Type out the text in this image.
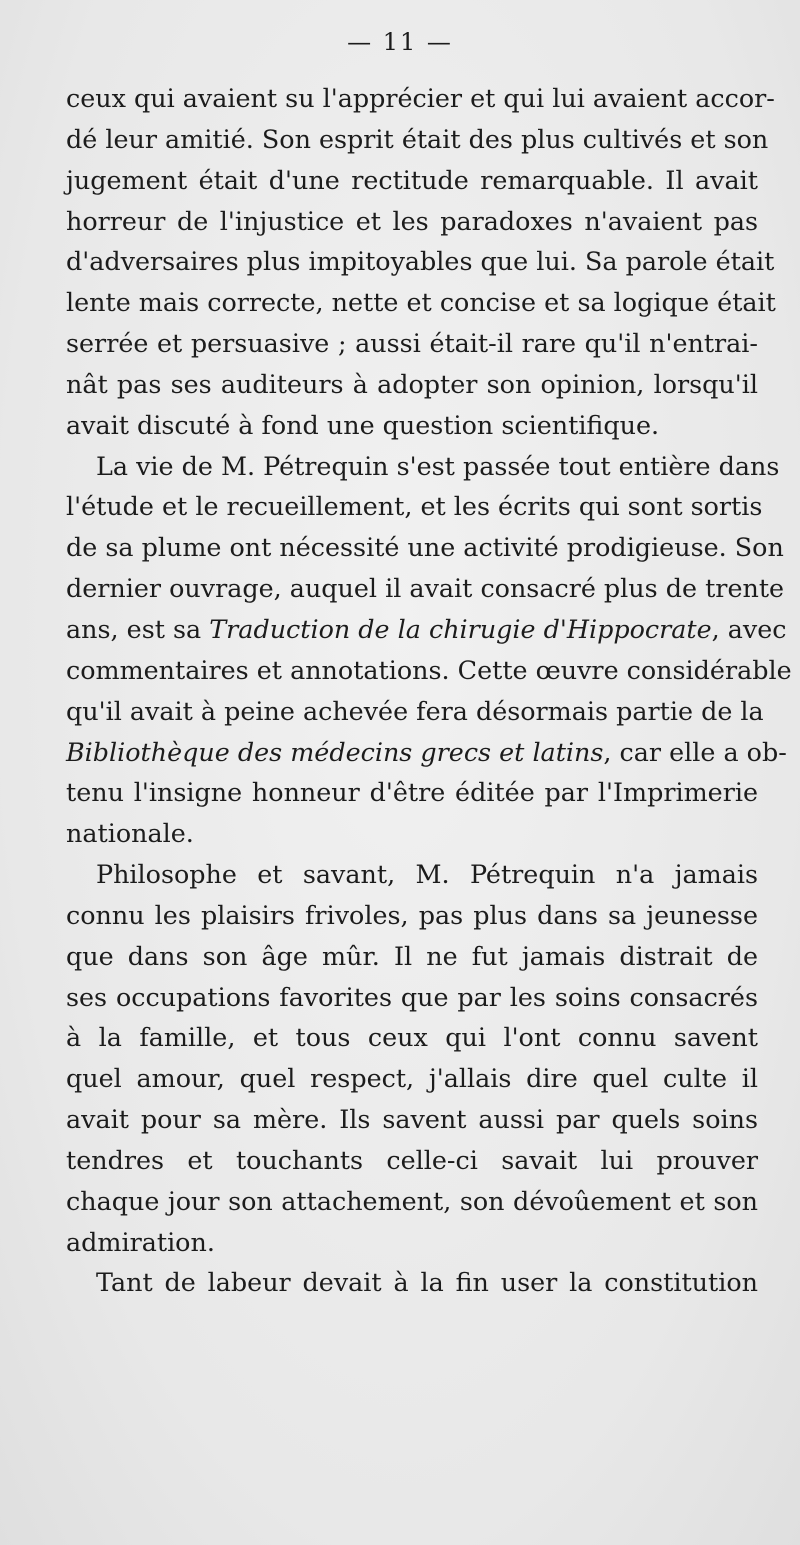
— 11 —
ceux qui avaient su l'apprécier et qui lui avaient accor-
dé leur amitié. Son esprit était des plus cultivés et son
jugement était d'une rectitude remarquable. Il avait
horreur de l'injustice et les paradoxes n'avaient pas
d'adversaires plus impitoyables que lui. Sa parole était
lente mais correcte, nette et concise et sa logique était
serrée et persuasive ; aussi était-il rare qu'il n'entrai-
nât pas ses auditeurs à adopter son opinion, lorsqu'il
avait discuté à fond une question scientifique.
La vie de M. Pétrequin s'est passée tout entière dans
l'étude et le recueillement, et les écrits qui sont sortis
de sa plume ont nécessité une activité prodigieuse. Son
dernier ouvrage, auquel il avait consacré plus de trente
ans, est sa Traduction de la chirugie d'Hippocrate, avec
commentaires et annotations. Cette œuvre considérable
qu'il avait à peine achevée fera désormais partie de la
Bibliothèque des médecins grecs et latins, car elle a ob-
tenu l'insigne honneur d'être éditée par l'Imprimerie
nationale.
Philosophe et savant, M. Pétrequin n'a jamais
connu les plaisirs frivoles, pas plus dans sa jeunesse
que dans son âge mûr. Il ne fut jamais distrait de
ses occupations favorites que par les soins consacrés
à la famille, et tous ceux qui l'ont connu savent
quel amour, quel respect, j'allais dire quel culte il
avait pour sa mère. Ils savent aussi par quels soins
tendres et touchants celle-ci savait lui prouver
chaque jour son attachement, son dévoûement et son
admiration.
Tant de labeur devait à la fin user la constitution
